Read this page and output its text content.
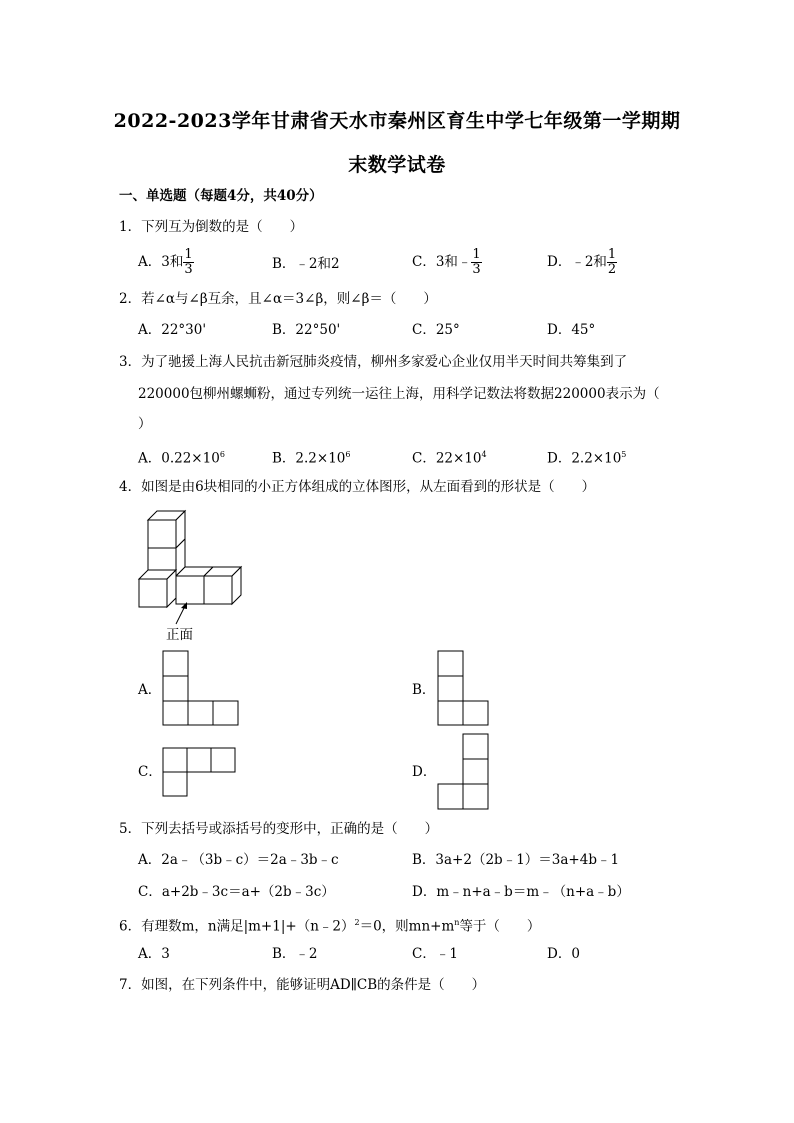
2022-2023学年甘肃省天水市秦州区育生中学七年级第一学期期
末数学试卷
一、单选题（每题4分，共40分）
1．下列互为倒数的是（　　）
A．3和 $\frac{1}{3}$	B．﹣2和2	C．3和﹣ $\frac{1}{3}$	D．﹣2和 $\frac{1}{2}$
2．若∠α与∠β互余，且∠α＝3∠β，则∠β＝（　　）
A．22°30'	B．22°50'	C．25°	D．45°
3．为了驰援上海人民抗击新冠肺炎疫情，柳州多家爱心企业仅用半天时间共筹集到了
220000包柳州螺蛳粉，通过专列统一运往上海，用科学记数法将数据220000表示为（
）
A．$0.22\times 10^6$	B．$2.2\times 10^6$	C．$22\times 10^4$	D．$2.2\times 10^5$
4．如图是由6块相同的小正方体组成的立体图形，从左面看到的形状是（　　）
正面
A．	B．
C．	D．
5．下列去括号或添括号的变形中，正确的是（　　）
A．2a﹣（3b﹣c）＝2a﹣3b﹣c	B．3a+2（2b﹣1）＝3a+4b﹣1
C．a+2b﹣3c＝a+（2b﹣3c）	D．m﹣n+a﹣b＝m﹣（n+a﹣b）
6．有理数m，n满足|m+1|+（n﹣2）$^2$＝0，则$mn+m^n$等于（　　）
A．3	B．﹣2	C．﹣1	D．0
7．如图，在下列条件中，能够证明AD∥CB的条件是（　　）
